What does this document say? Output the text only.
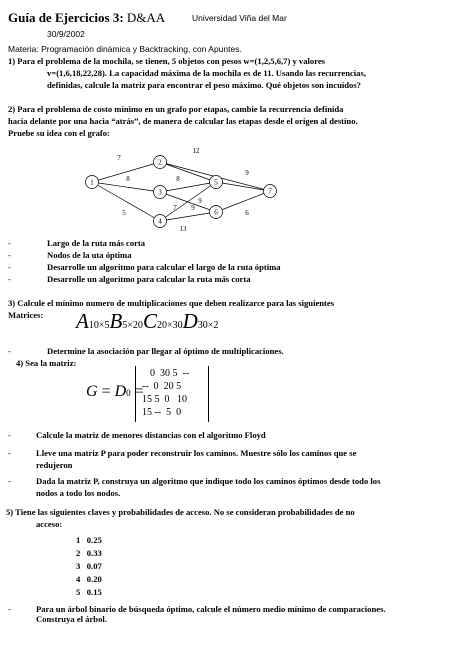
Guía de Ejercicios 3: D&AA	Universidad Viña del Mar
30/9/2002
Materia: Programación dinámica y Backtracking, con Apuntes.
1) Para el problema de la mochila, se tienen, 5 objetos con pesos w=(1,2,5,6,7) y valores
v=(1,6,18,22,28). La capacidad máxima de la mochila es de 11. Usando las recurrencias,
definidas, calcule la matriz para encontrar el peso máximo. Qué objetos son incuidos?
2) Para el problema de costo mínimo en un grafo por etapas, cambie la recurrencia definida
hacia delante por una hacia “atrás”, de manera de calcular las etapas desde el origen al destino.
Pruebe su idea con el grafo:
1
2
3
4
5
6
7
7
8
5
12
8
9
9
7
13
9
6
-	Largo de la ruta más corta
-	Nodos de la uta óptima
-	Desarrolle un algoritmo para calcular el largo de la ruta óptima
-	Desarrolle un algoritmo para calcular la ruta más corta
3) Calcule el mínimo numero de multiplicaciones que deben realizarce para las siguientes
Matrices: A10×5B5×20C20×30D30×2
-	Determine la asociación par llegar al óptimo de multiplicaciones.
4) Sea la matriz:
G = D0 =
0  30 5  --
--  0  20 5
15 5  0   10
15 --  5  0
-	Calcule la matriz de menores distancias con el algoritmo Floyd
-	Lleve una matriz P para poder reconstruir los caminos. Muestre sólo los caminos que se
redujeron
-	Dada la matriz P, construya un algoritmo que indique todo los caminos óptimos desde todo los
nodos a todo los nodos.
5) Tiene las siguientes claves y probabilidades de acceso. No se consideran probabilidades de no
acceso:
1   0.25
2   0.33
3   0.07
4   0.20
5   0.15
-	Para un árbol binario de búsqueda óptimo, calcule el número medio mínimo de comparaciones.
Construya el árbol.
